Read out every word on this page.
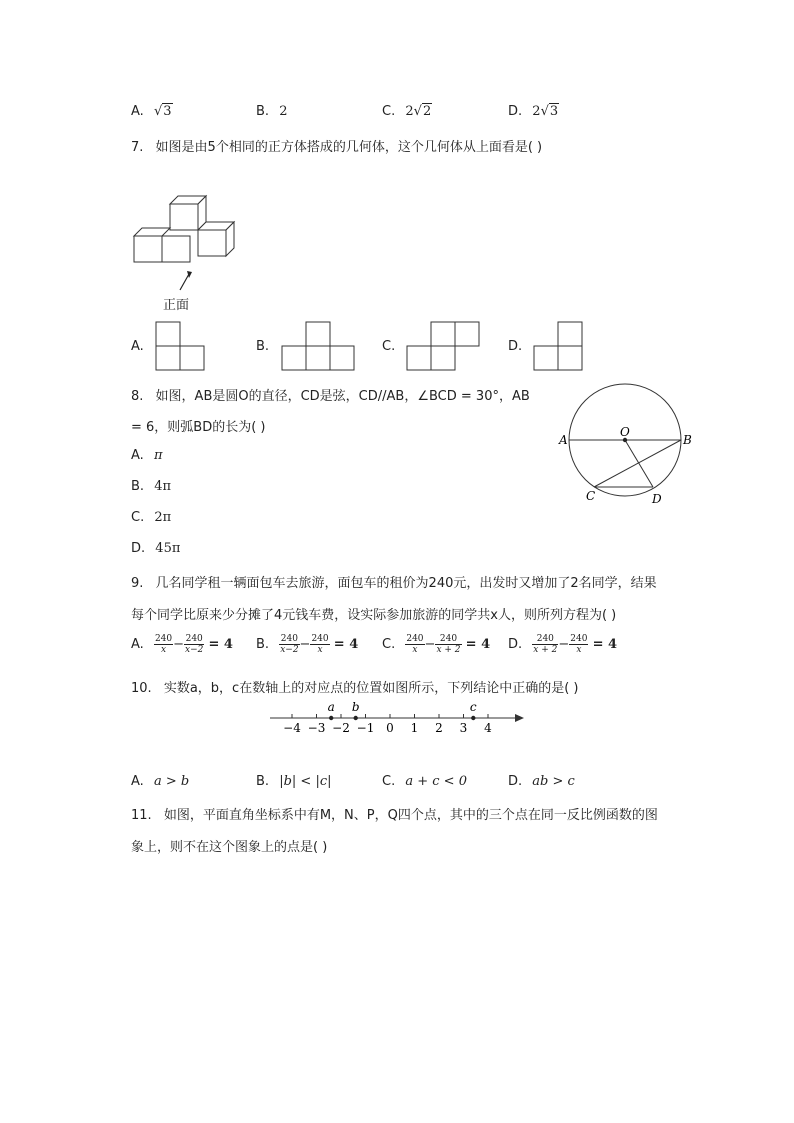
A. √3	B. 2	C. 2√2	D. 2√3
7. 如图是由5个相同的正方体搭成的几何体，这个几何体从上面看是( )
正面
A.	B.	C.	D.
8. 如图，AB是圆O的直径，CD是弦，CD//AB，∠BCD = 30°，AB
= 6，则弧BD的长为( )
A. π
B. 4π
C. 2π
D. 45π
A	B
O
C	D
9. 几名同学租一辆面包车去旅游，面包车的租价为240元，出发时又增加了2名同学，结果
每个同学比原来少分摊了4元钱车费，设实际参加旅游的同学共x人，则所列方程为( )
A. $\frac{240}{x} - \frac{240}{x-2} = 4$ B. $\frac{240}{x-2} - \frac{240}{x} = 4$ C. $\frac{240}{x} - \frac{240}{x + 2} = 4$ D. $\frac{240}{x + 2} - \frac{240}{x} = 4$
10. 实数a，b，c在数轴上的对应点的位置如图所示，下列结论中正确的是( )
−4 −3 −2 −1 0 1 2 3 4
a b	c
A. a > b	B. |b| < |c|	C. a + c < 0	D. ab > c
11. 如图，平面直角坐标系中有M，N、P，Q四个点，其中的三个点在同一反比例函数的图
象上，则不在这个图象上的点是( )
